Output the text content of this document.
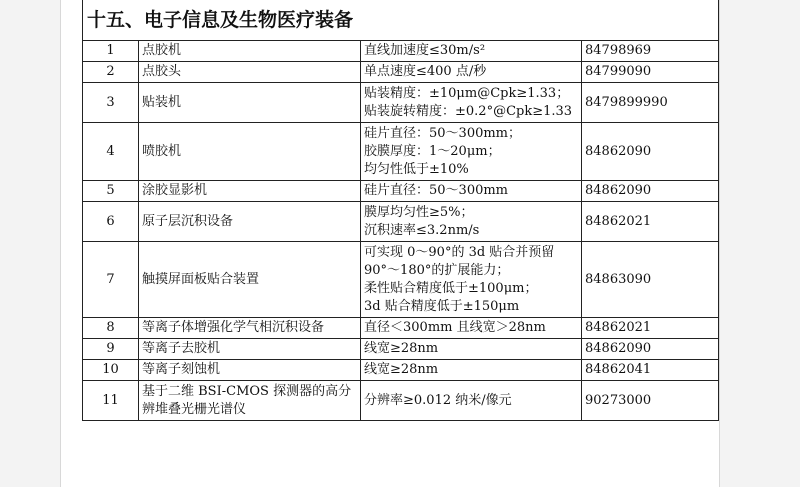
十五、电子信息及生物医疗装备			
1	点胶机	直线加速度≤30m/s²	84798969
2	点胶头	单点速度≤400 点/秒	84799090
3	贴装机	贴装精度：±10μm@Cpk≥1.33；
贴装旋转精度：±0.2°@Cpk≥1.33	8479899990
4	喷胶机	硅片直径：50～300mm；
胶膜厚度：1～20μm；
均匀性低于±10%	84862090
5	涂胶显影机	硅片直径：50～300mm	84862090
6	原子层沉积设备	膜厚均匀性≥5%；
沉积速率≤3.2nm/s	84862021
7	触摸屏面板贴合装置	可实现 0～90°的 3d 贴合并预留
90°～180°的扩展能力；
柔性贴合精度低于±100μm；
3d 贴合精度低于±150μm	84863090
8	等离子体增强化学气相沉积设备	直径＜300mm 且线宽＞28nm	84862021
9	等离子去胶机	线宽≥28nm	84862090
10	等离子刻蚀机	线宽≥28nm	84862041
11	基于二维 BSI-CMOS 探测器的高分辨堆叠光栅光谱仪	分辨率≥0.012 纳米/像元	90273000
